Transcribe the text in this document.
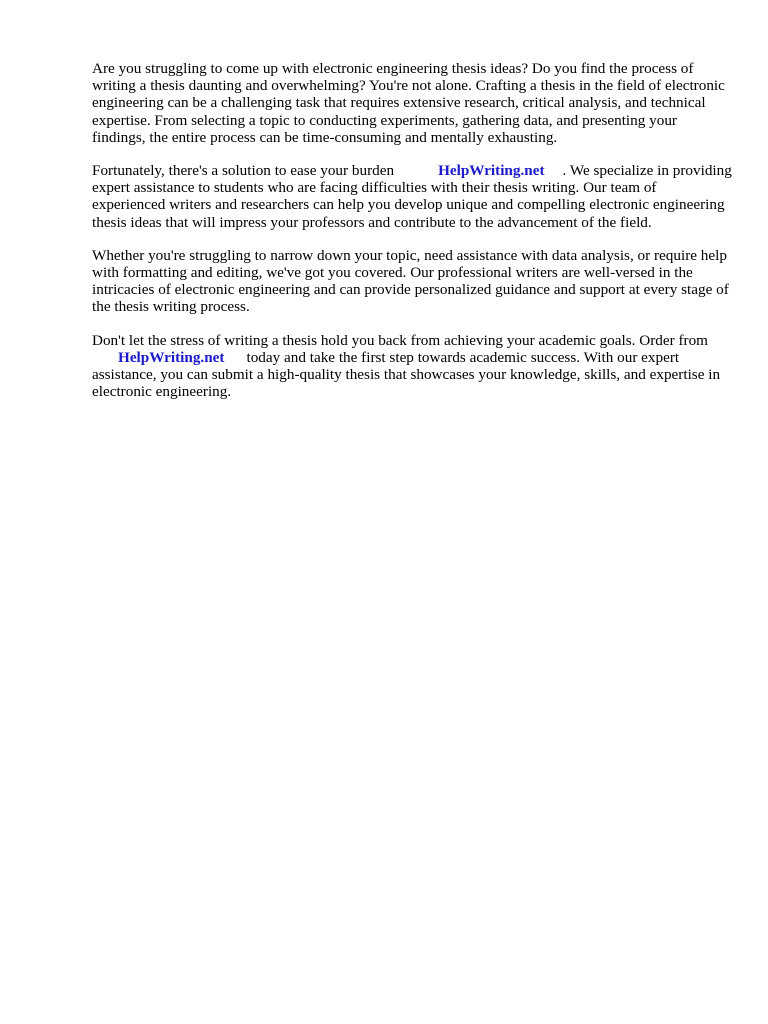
Are you struggling to come up with electronic engineering thesis ideas? Do you find the process of writing a thesis daunting and overwhelming? You're not alone. Crafting a thesis in the field of electronic engineering can be a challenging task that requires extensive research, critical analysis, and technical expertise. From selecting a topic to conducting experiments, gathering data, and presenting your findings, the entire process can be time-consuming and mentally exhausting.

Fortunately, there's a solution to ease your burden	HelpWriting.net . We specialize in providing expert assistance to students who are facing difficulties with their thesis writing. Our team of experienced writers and researchers can help you develop unique and compelling electronic engineering thesis ideas that will impress your professors and contribute to the advancement of the field.

Whether you're struggling to narrow down your topic, need assistance with data analysis, or require help with formatting and editing, we've got you covered. Our professional writers are well-versed in the intricacies of electronic engineering and can provide personalized guidance and support at every stage of the thesis writing process.

Don't let the stress of writing a thesis hold you back from achieving your academic goals. Order fromHelpWriting.net today and take the first step towards academic success. With our expert assistance, you can submit a high-quality thesis that showcases your knowledge, skills, and expertise in electronic engineering.
